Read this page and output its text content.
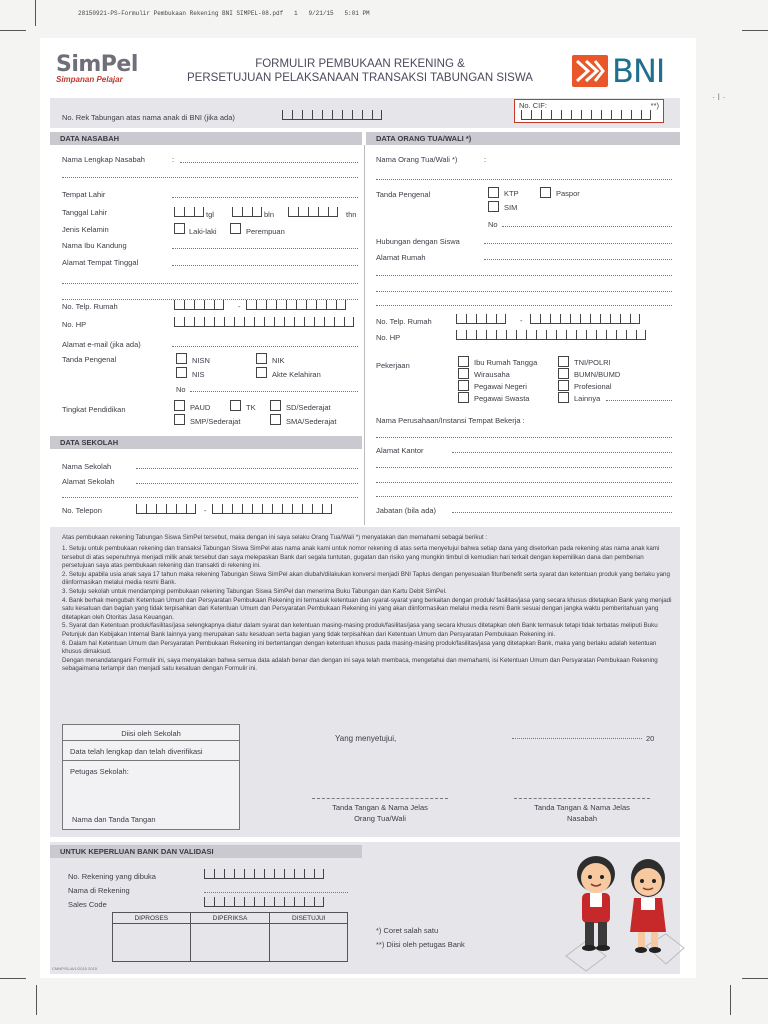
28150921-PS-Formulir Pembukaan Rekening BNI SIMPEL-08.pdf   1   9/21/15   5:01 PM
SimPel
Simpanan Pelajar
FORMULIR PEMBUKAAN REKENING &
PERSETUJUAN PELAKSANAAN TRANSAKSI TABUNGAN SISWA	BNI
No. Rek Tabungan atas nama anak di BNI (jika ada)
No. CIF:	**)
DATA NASABAH	DATA ORANG TUA/WALI *)
Nama Lengkap Nasabah	:
Tempat Lahir
Tanggal Lahir	tgl	bln	thn
Jenis Kelamin	Laki-laki	Perempuan
Nama Ibu Kandung
Alamat Tempat Tinggal
No. Telp. Rumah	-
No. HP
Alamat e-mail (jika ada)
Tanda Pengenal	NISN	NIK
NIS	Akte Kelahiran
No
Tingkat Pendidikan	PAUD	TK	SD/Sederajat
SMP/Sederajat	SMA/Sederajat
DATA SEKOLAH
Nama Sekolah
Alamat Sekolah
No. Telepon	-
Nama Orang Tua/Wali *)	:
Tanda Pengenal	KTP	Paspor
SIM
No
Hubungan dengan Siswa
Alamat Rumah
No. Telp. Rumah	-
No. HP
Pekerjaan	Ibu Rumah Tangga	TNI/POLRI
Wirausaha	BUMN/BUMD
Pegawai Negeri	Profesional
Pegawai Swasta	Lainnya
Nama Perusahaan/Instansi Tempat Bekerja :
Alamat Kantor
Jabatan (bila ada)
Atas pembukaan rekening Tabungan Siswa SimPel tersebut, maka dengan ini saya selaku Orang Tua/Wali *) menyatakan dan memahami sebagai berikut :
1. Setuju untuk pembukaan rekening dan transaksi Tabungan Siswa SimPel atas nama anak kami untuk nomor rekening di atas serta menyetujui bahwa setiap dana yang disetorkan pada rekening atas nama anak kami tersebut di atas sepenuhnya menjadi milik anak tersebut dan saya melepaskan Bank dari segala tuntutan, gugatan dan risiko yang mungkin timbul di kemudian hari terkait dengan kepemilikan dana dan pemberian persetujuan saya atas pembukaan rekening dan transakti di rekening ini.
2. Setuju apabila usia anak saya 17 tahun maka rekening Tabungan Siswa SimPel akan diubah/dilakukan konversi menjadi BNI Taplus dengan penyesuaian fitur/benefit serta syarat dan ketentuan produk yang berlaku yang diinformasikan melalui media resmi Bank.
3. Setuju sekolah untuk mendampingi pembukaan rekening Tabungan Siswa SimPel dan menerima Buku Tabungan dan Kartu Debit SimPel.
4. Bank berhak mengubah Ketentuan Umum dan Persyaratan Pembukaan Rekening ini termasuk ketentuan dan syarat-syarat yang berkaitan dengan produk/ fasilitas/jasa yang secara khusus ditetapkan Bank yang menjadi satu kesatuan dan bagian yang tidak terpisahkan dari Ketentuan Umum dan Persyaratan Pembukaan Rekening ini yang akan diinformasikan melalui media resmi Bank sesuai dengan jangka waktu pemberitahuan yang ditetapkan oleh Otoritas Jasa Keuangan.
5. Syarat dan Ketentuan produk/fasilitas/jasa selengkapnya diatur dalam syarat dan ketentuan masing-masing produk/fasilitas/jasa yang secara khusus ditetapkan oleh Bank termasuk tetapi tidak terbatas meliputi Buku Petunjuk dan Kebijakan Internal Bank lainnya yang merupakan satu kesatuan serta bagian yang tidak terpisahkan dari Ketentuan Umum dan Persyaratan Pembukaan Rekening ini.
6. Dalam hal Ketentuan Umum dan Persyaratan Pembukaan Rekening ini bertentangan dengan ketentuan khusus pada masing-masing produk/fasilitas/jasa yang ditetapkan Bank, maka yang berlaku adalah ketentuan khusus dimaksud.
Dengan menandatangani Formulir ini, saya menyatakan bahwa semua data adalah benar dan dengan ini saya telah membaca, mengetahui dan memahami, isi Ketentuan Umum dan Persyaratan Pembukaan Rekening sebagaimana terlampir dan menjadi satu kesatuan dengan Formulir ini.
Diisi oleh Sekolah
Data telah lengkap dan telah diverifikasi
Petugas Sekolah:
Nama dan Tanda Tangan
Yang menyetujui,	20
Tanda Tangan & Nama Jelas
Orang Tua/Wali
Tanda Tangan & Nama Jelas
Nasabah
UNTUK KEPERLUAN BANK DAN VALIDASI
No. Rekening yang dibuka
Nama di Rekening
Sales Code
DIPROSES	DIPERIKSA	DISETUJUI

*) Coret salah satu
**) Diisi oleh petugas Bank
CMNP/SL/A/1/2015 2015
· I ·
